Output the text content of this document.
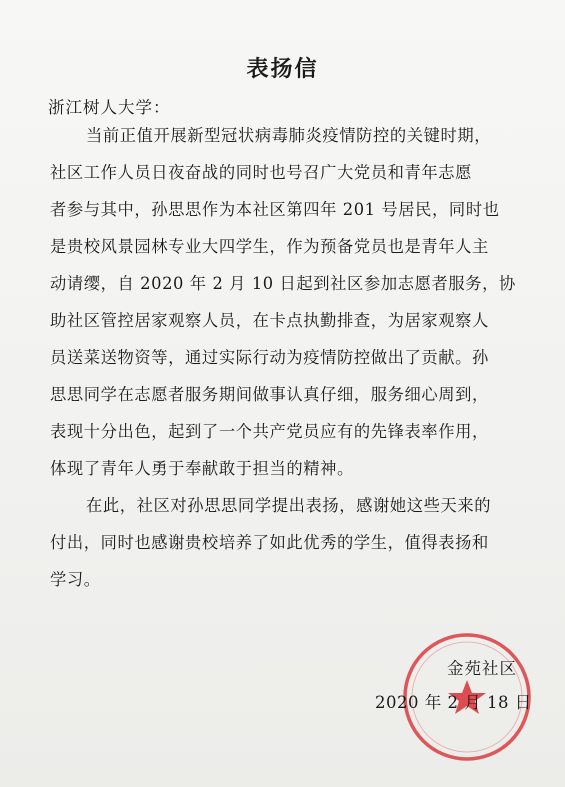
表扬信
浙江树人大学：
当前正值开展新型冠状病毒肺炎疫情防控的关键时期，
社区工作人员日夜奋战的同时也号召广大党员和青年志愿
者参与其中，孙思思作为本社区第四年 201 号居民，同时也
是贵校风景园林专业大四学生，作为预备党员也是青年人主
动请缨，自 2020 年 2 月 10 日起到社区参加志愿者服务，协
助社区管控居家观察人员，在卡点执勤排查，为居家观察人
员送菜送物资等，通过实际行动为疫情防控做出了贡献。孙
思思同学在志愿者服务期间做事认真仔细，服务细心周到，
表现十分出色，起到了一个共产党员应有的先锋表率作用，
体现了青年人勇于奉献敢于担当的精神。
在此，社区对孙思思同学提出表扬，感谢她这些天来的
付出，同时也感谢贵校培养了如此优秀的学生，值得表扬和
学习。
金苑社区
2020 年 2 月 18 日
